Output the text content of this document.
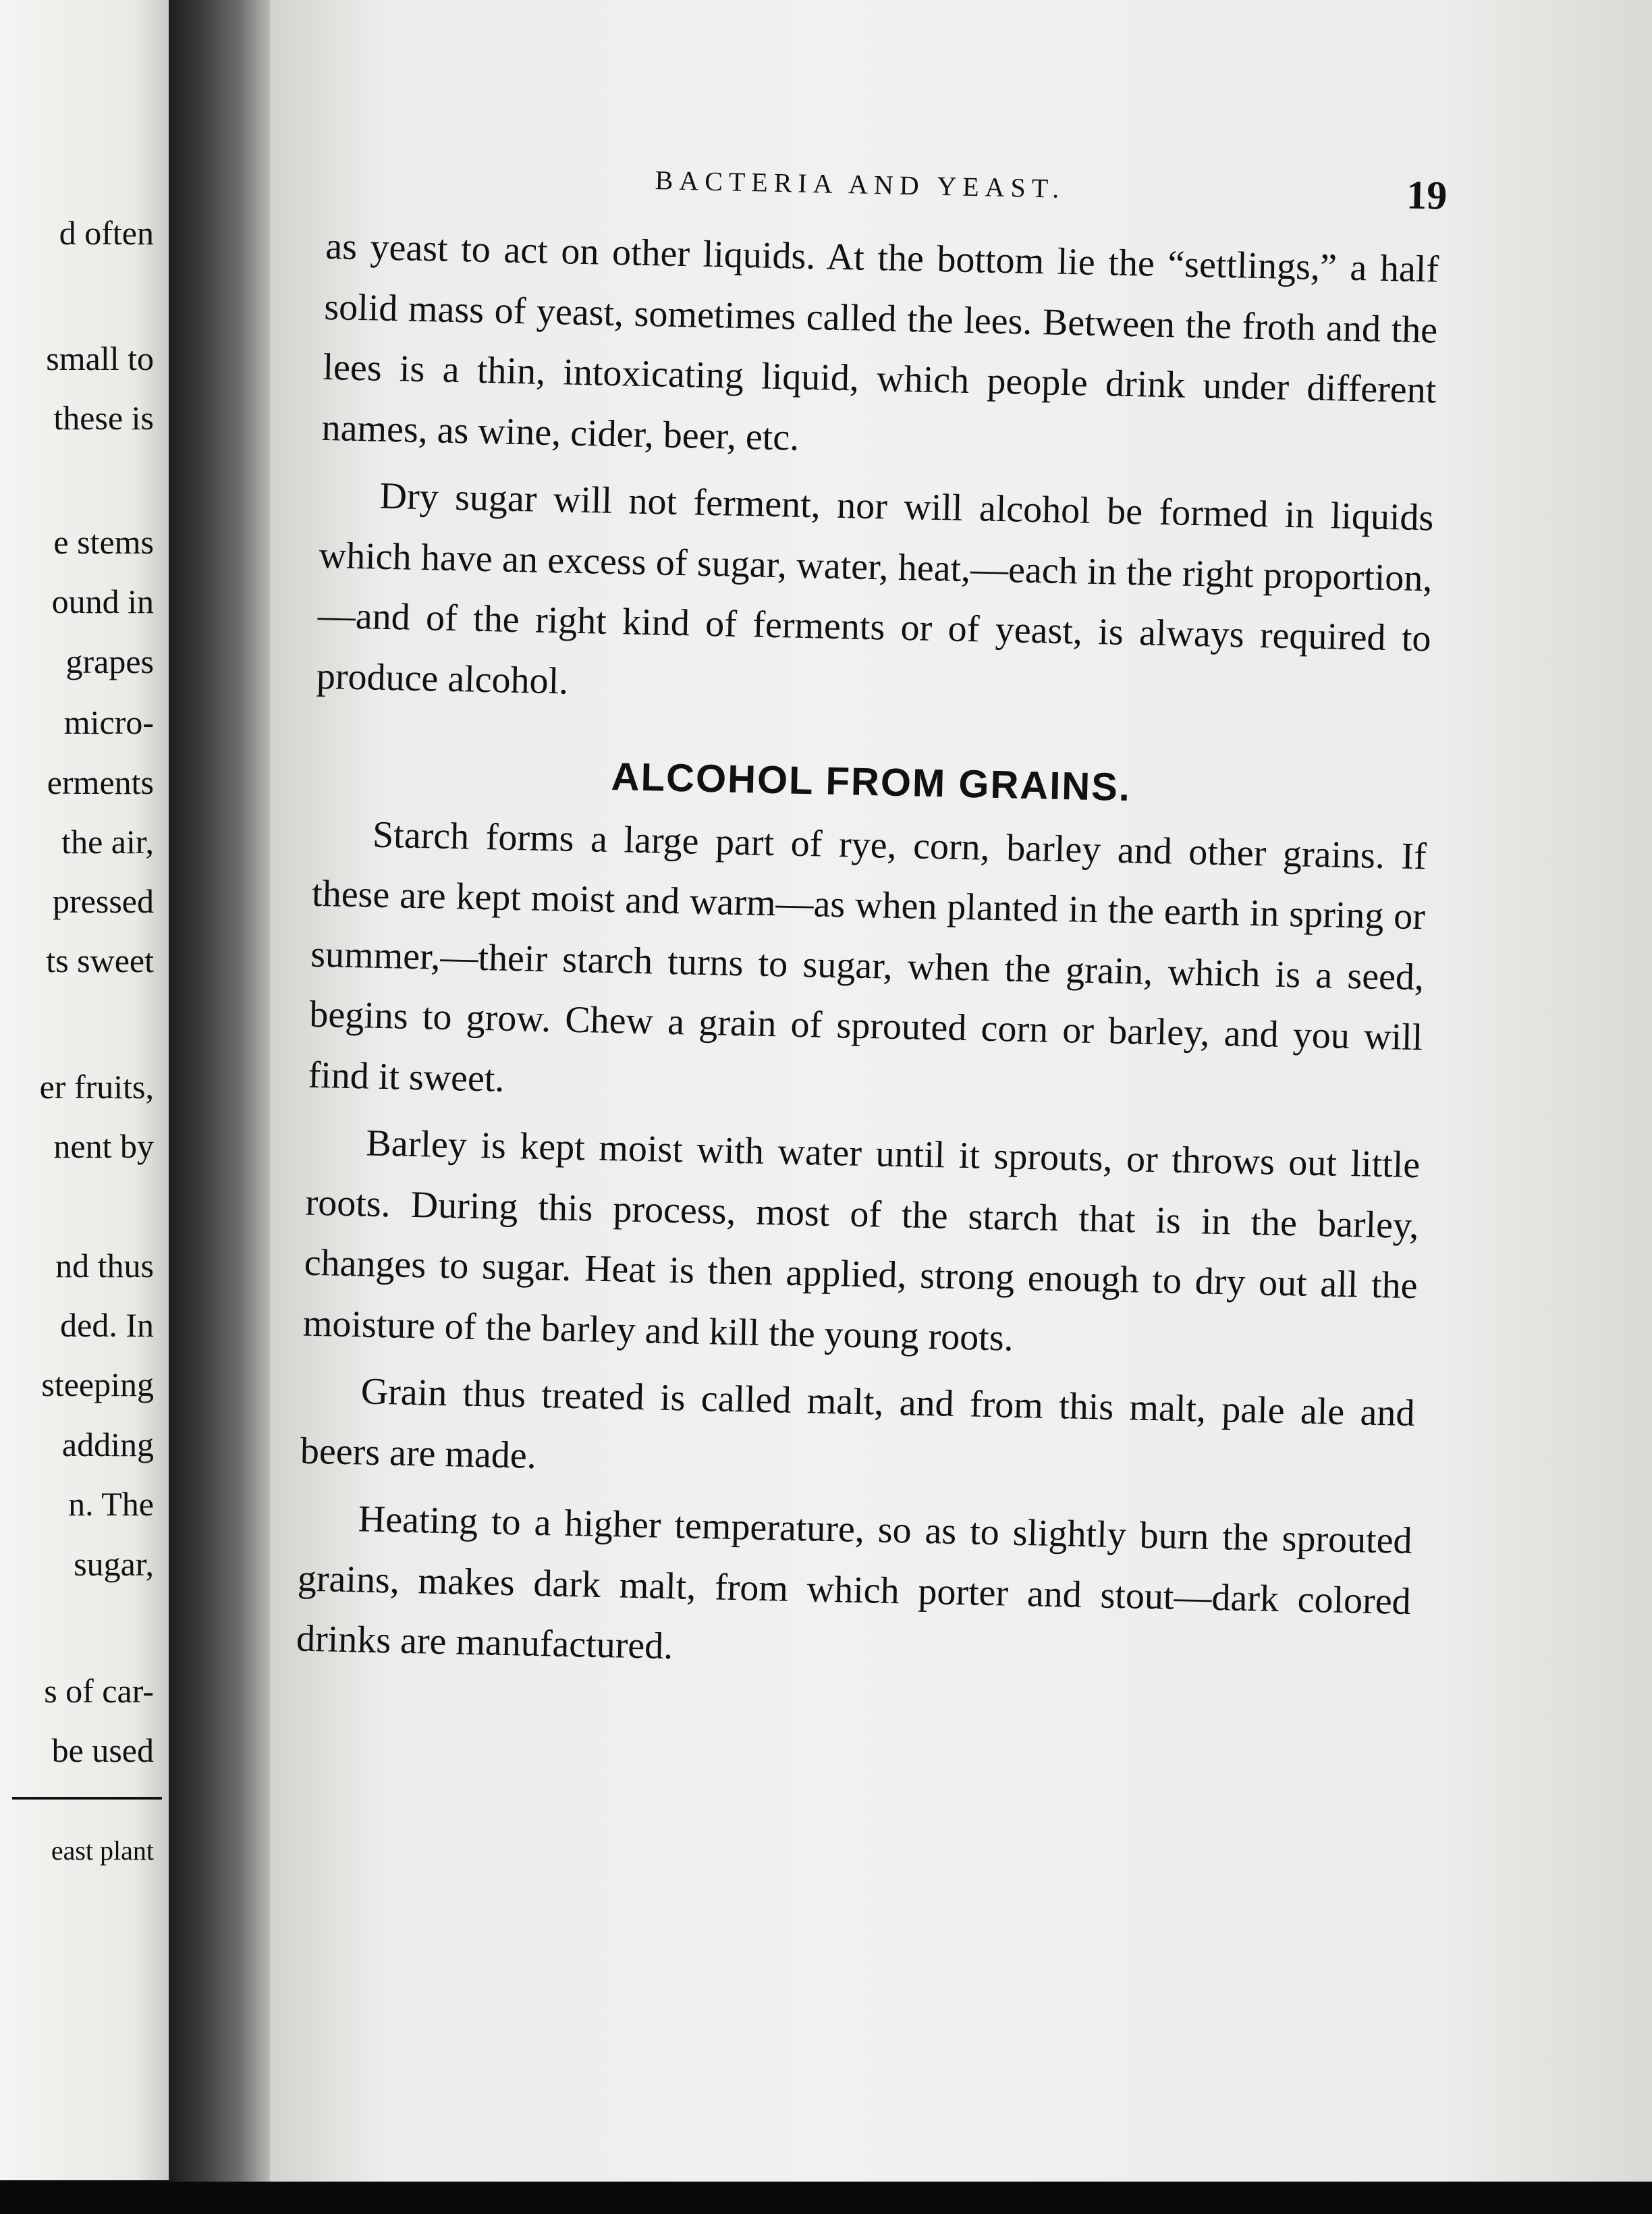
d often
small to
these is
e stems
ound in
grapes
micro-
erments
the air,
pressed
ts sweet
er fruits,
nent by
nd thus
ded. In
steeping
adding
n. The
sugar,
s of car-
be used
east plant
BACTERIA AND YEAST.	19

as yeast to act on other liquids. At the bottom lie the “settlings,” a half solid mass of yeast, sometimes called the lees. Between the froth and the lees is a thin, intoxicating liquid, which people drink under different names, as wine, cider, beer, etc.

Dry sugar will not ferment, nor will alcohol be formed in liquids which have an excess of sugar, water, heat,—each in the right proportion,—and of the right kind of ferments or of yeast, is always required to produce alcohol.

ALCOHOL FROM GRAINS.

Starch forms a large part of rye, corn, barley and other grains. If these are kept moist and warm—as when planted in the earth in spring or summer,—their starch turns to sugar, when the grain, which is a seed, begins to grow. Chew a grain of sprouted corn or barley, and you will find it sweet.

Barley is kept moist with water until it sprouts, or throws out little roots. During this process, most of the starch that is in the barley, changes to sugar. Heat is then applied, strong enough to dry out all the moisture of the barley and kill the young roots.

Grain thus treated is called malt, and from this malt, pale ale and beers are made.

Heating to a higher temperature, so as to slightly burn the sprouted grains, makes dark malt, from which porter and stout—dark colored drinks are manufactured.
